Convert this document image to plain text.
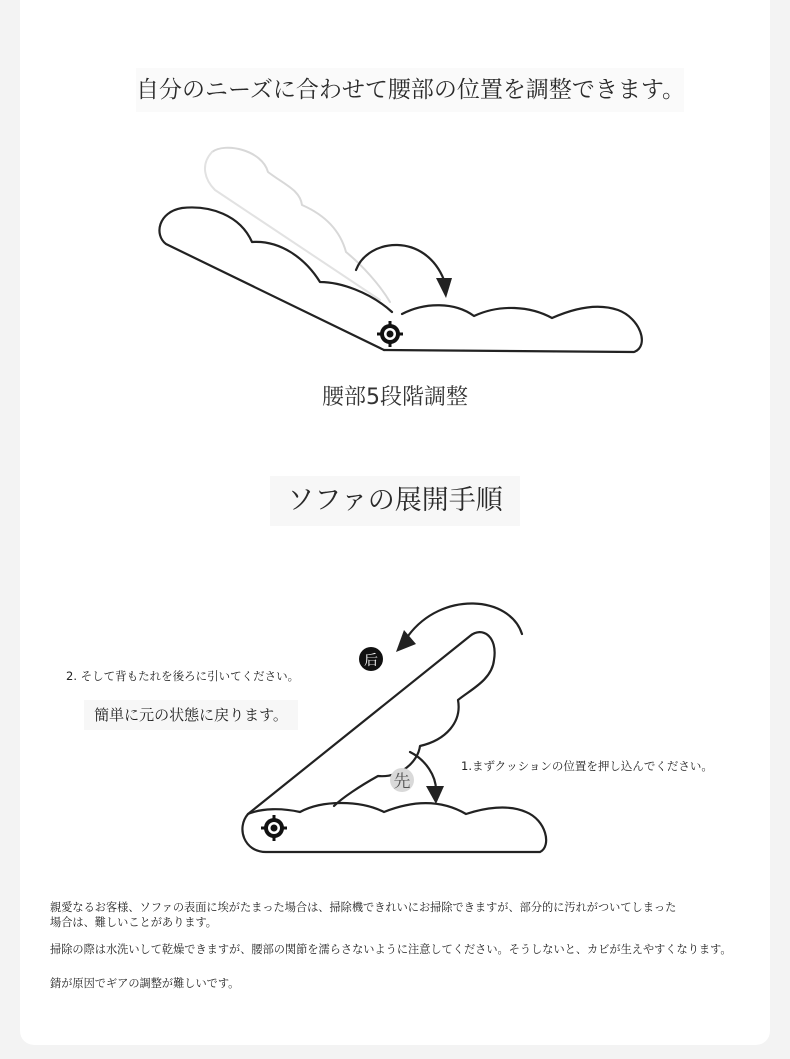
自分のニーズに合わせて腰部の位置を調整できます。
后
先
腰部5段階調整
ソファの展開手順
2. そして背もたれを後ろに引いてください。
簡単に元の状態に戻ります。
1.まずクッションの位置を押し込んでください。
親愛なるお客様、ソファの表面に埃がたまった場合は、掃除機できれいにお掃除できますが、部分的に汚れがついてしまった
場合は、難しいことがあります。
掃除の際は水洗いして乾燥できますが、腰部の関節を濡らさないように注意してください。そうしないと、カビが生えやすくなります。
錆が原因でギアの調整が難しいです。
